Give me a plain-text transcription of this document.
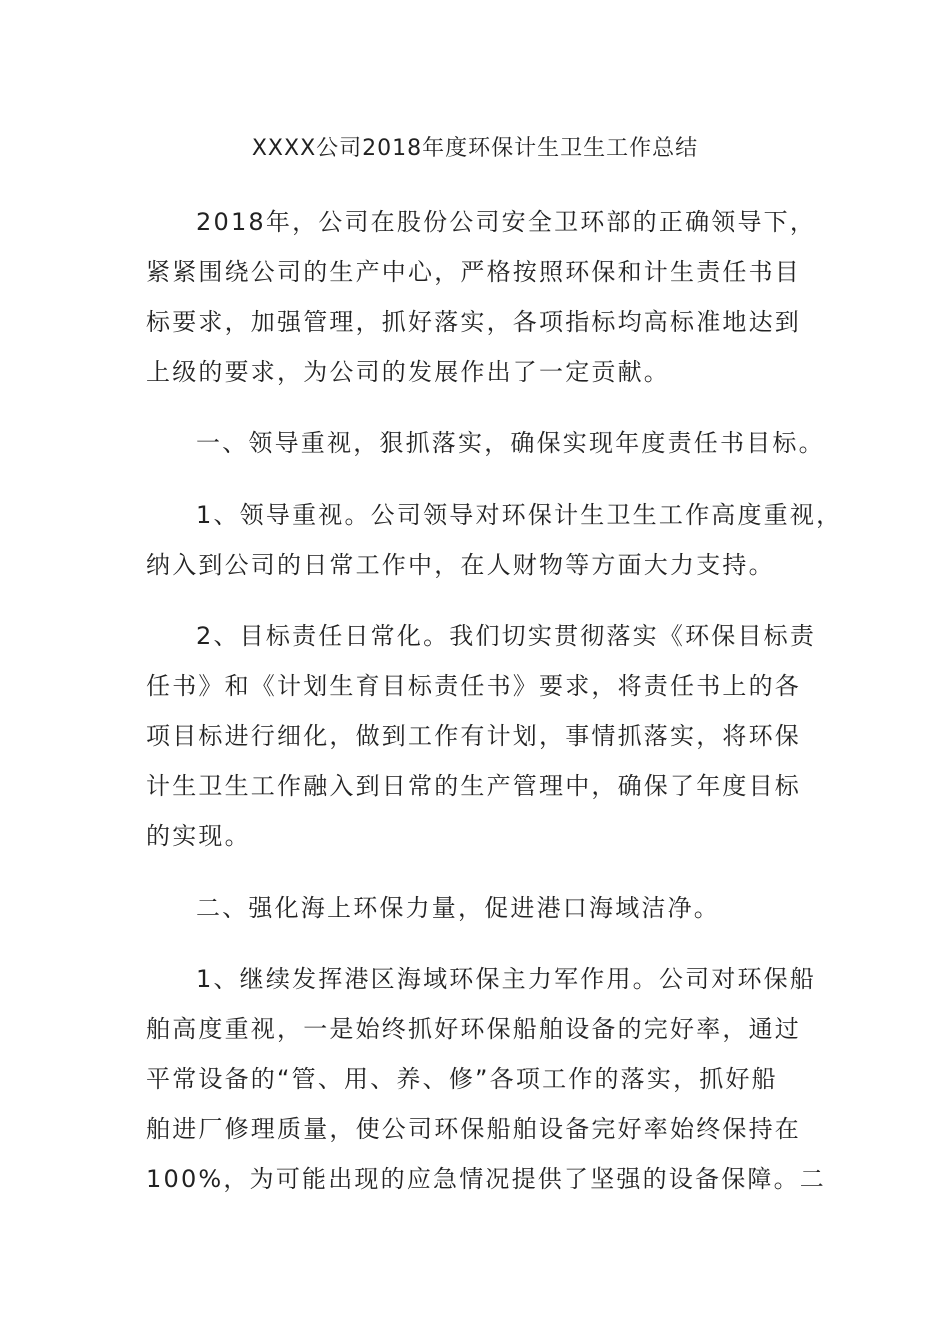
XXXX公司2018年度环保计生卫生工作总结
2018年，公司在股份公司安全卫环部的正确领导下，
紧紧围绕公司的生产中心，严格按照环保和计生责任书目
标要求，加强管理，抓好落实，各项指标均高标准地达到
上级的要求，为公司的发展作出了一定贡献。
一、领导重视，狠抓落实，确保实现年度责任书目标。
1、领导重视。公司领导对环保计生卫生工作高度重视，
纳入到公司的日常工作中，在人财物等方面大力支持。
2、目标责任日常化。我们切实贯彻落实《环保目标责
任书》和《计划生育目标责任书》要求，将责任书上的各
项目标进行细化，做到工作有计划，事情抓落实，将环保
计生卫生工作融入到日常的生产管理中，确保了年度目标
的实现。
二、强化海上环保力量，促进港口海域洁净。
1、继续发挥港区海域环保主力军作用。公司对环保船
舶高度重视，一是始终抓好环保船舶设备的完好率，通过
平常设备的“管、用、养、修”各项工作的落实，抓好船
舶进厂修理质量，使公司环保船舶设备完好率始终保持在
100%，为可能出现的应急情况提供了坚强的设备保障。二
